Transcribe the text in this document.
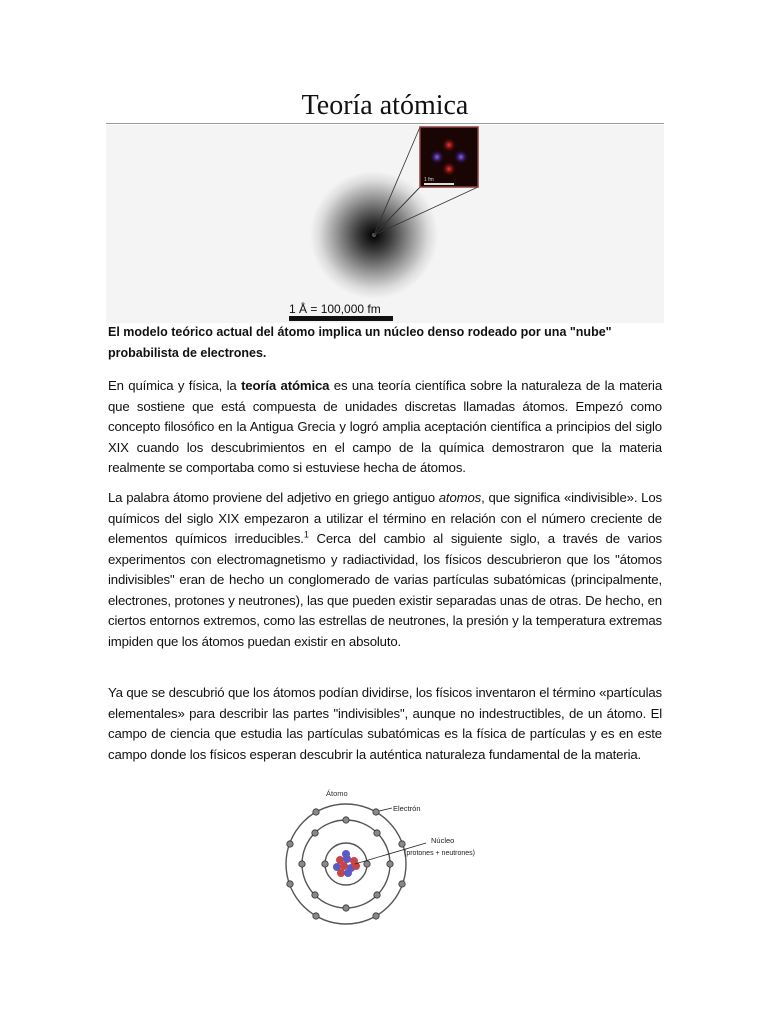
Teoría atómica
1 fm
1 Å = 100,000 fm
El modelo teórico actual del átomo implica un núcleo denso rodeado por una "nube" probabilista de electrones.
En química y física, la teoría atómica es una teoría científica sobre la naturaleza de la materia que sostiene que está compuesta de unidades discretas llamadas átomos. Empezó como concepto filosófico en la Antigua Grecia y logró amplia aceptación científica a principios del siglo XIX cuando los descubrimientos en el campo de la química demostraron que la materia realmente se comportaba como si estuviese hecha de átomos.
La palabra átomo proviene del adjetivo en griego antiguo atomos, que significa «indivisible». Los químicos del siglo XIX empezaron a utilizar el término en relación con el número creciente de elementos químicos irreducibles.$^1$ Cerca del cambio al siguiente siglo, a través de varios experimentos con electromagnetismo y radiactividad, los físicos descubrieron que los "átomos indivisibles" eran de hecho un conglomerado de varias partículas subatómicas (principalmente, electrones, protones y neutrones), las que pueden existir separadas unas de otras. De hecho, en ciertos entornos extremos, como las estrellas de neutrones, la presión y la temperatura extremas impiden que los átomos puedan existir en absoluto.
Ya que se descubrió que los átomos podían dividirse, los físicos inventaron el término «partículas elementales» para describir las partes "indivisibles", aunque no indestructibles, de un átomo. El campo de ciencia que estudia las partículas subatómicas es la física de partículas y es en este campo donde los físicos esperan descubrir la auténtica naturaleza fundamental de la materia.
Átomo
Electrón
Núcleo
(protones + neutrones)
